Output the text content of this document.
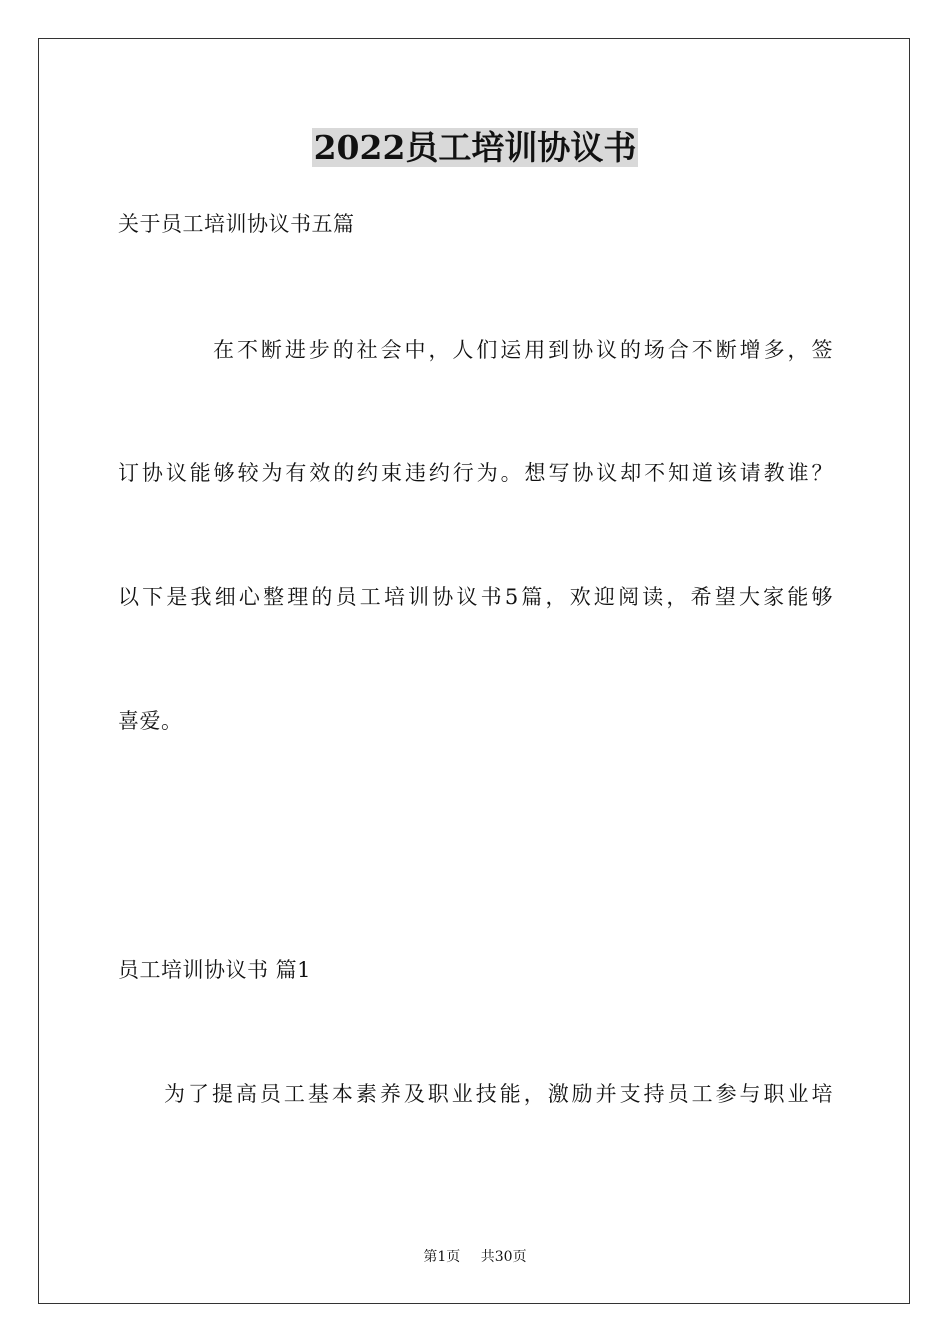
2022员工培训协议书
关于员工培训协议书五篇
在不断进步的社会中，人们运用到协议的场合不断增多，签
订协议能够较为有效的约束违约行为。想写协议却不知道该请教谁？
以下是我细心整理的员工培训协议书5篇，欢迎阅读，希望大家能够
喜爱。
员工培训协议书 篇1
为了提高员工基本素养及职业技能，激励并支持员工参与职业培
第1页 共30页
